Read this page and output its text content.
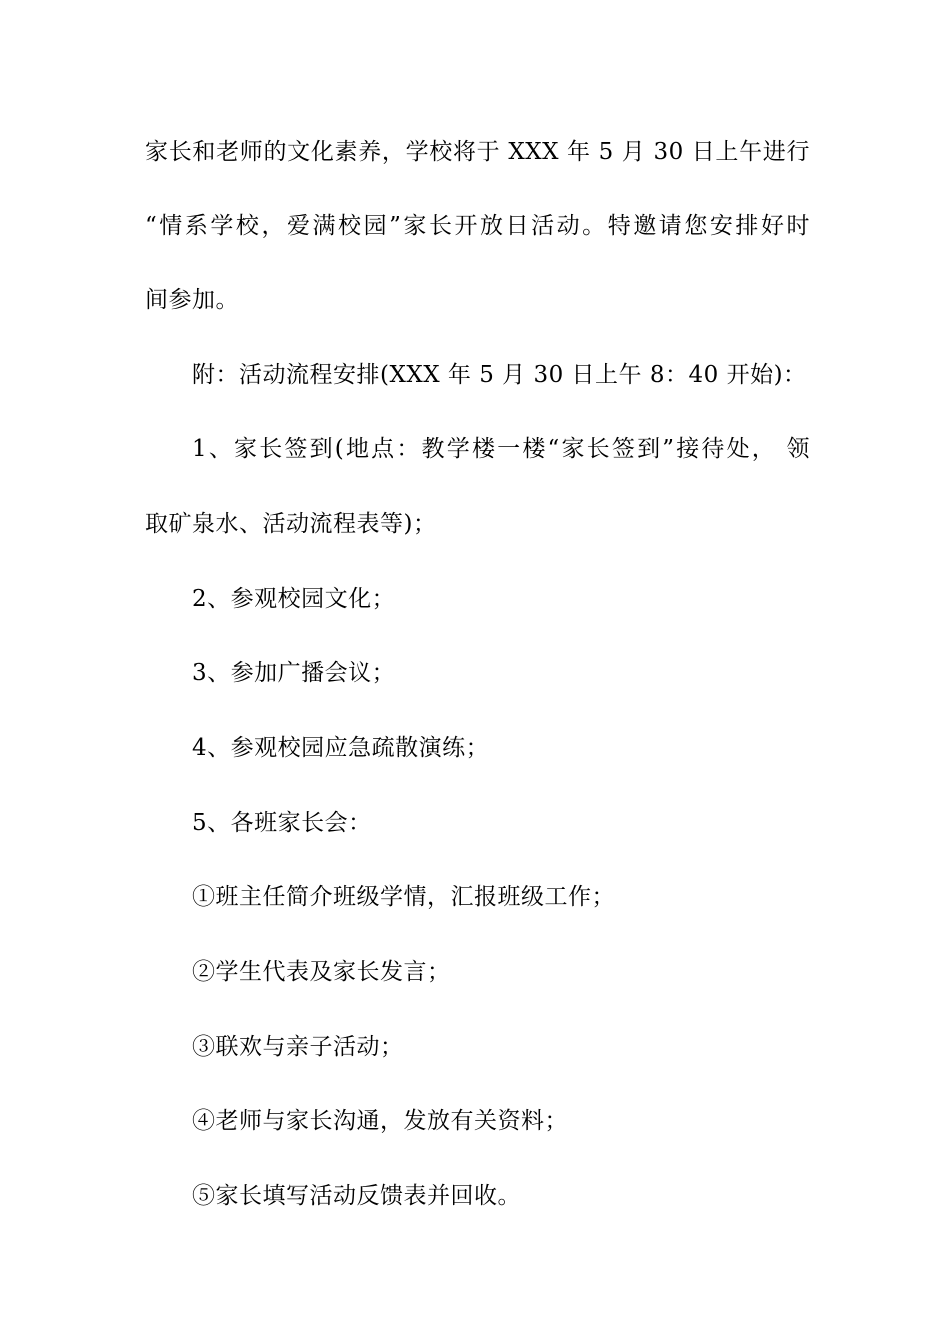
家长和老师的文化素养，学校将于 XXX 年 5 月 30 日上午进行
“情系学校，爱满校园”家长开放日活动。特邀请您安排好时
间参加。
附：活动流程安排(XXX 年 5 月 30 日上午 8：40 开始)：
1、家长签到(地点：教学楼一楼“家长签到”接待处， 领
取矿泉水、活动流程表等)；
2、参观校园文化；
3、参加广播会议；
4、参观校园应急疏散演练；
5、各班家长会：
①班主任简介班级学情，汇报班级工作；
②学生代表及家长发言；
③联欢与亲子活动；
④老师与家长沟通，发放有关资料；
⑤家长填写活动反馈表并回收。
